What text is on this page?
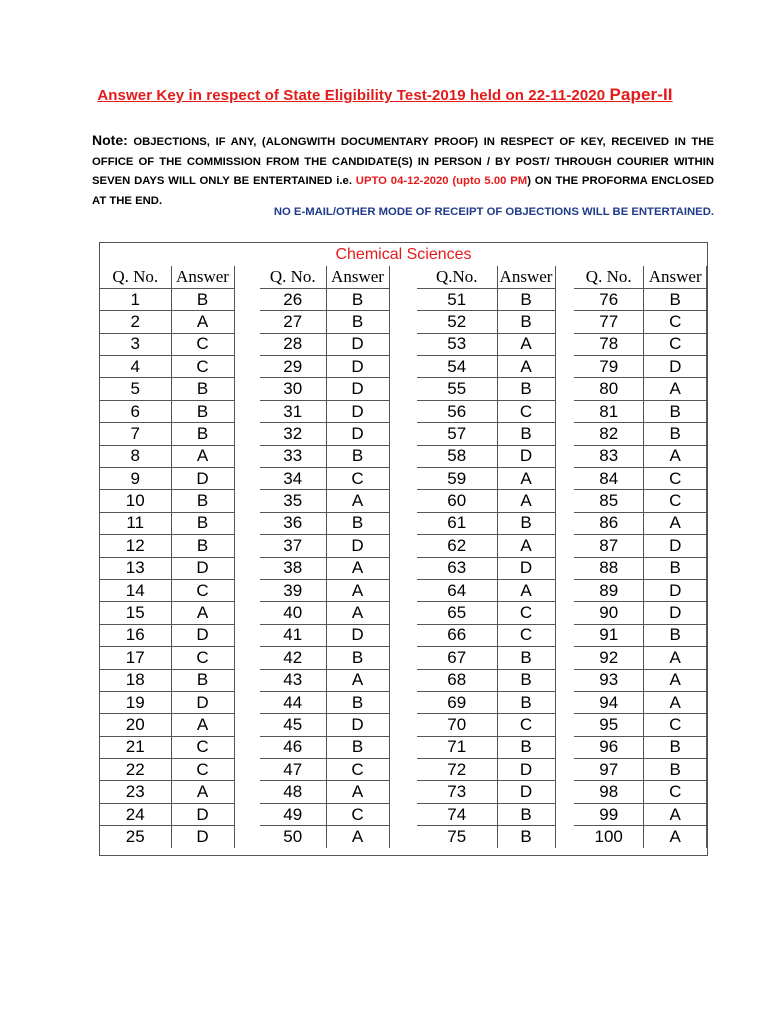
Answer Key in respect of State Eligibility Test-2019 held on 22-11-2020 Paper-II
Note: OBJECTIONS, IF ANY, (ALONGWITH DOCUMENTARY PROOF) IN RESPECT OF KEY, RECEIVED IN THE OFFICE OF THE COMMISSION FROM THE CANDIDATE(S) IN PERSON / BY POST/ THROUGH COURIER WITHIN SEVEN DAYS WILL ONLY BE ENTERTAINED i.e. UPTO 04-12-2020 (upto 5.00 PM) ON THE PROFORMA ENCLOSED AT THE END.
NO E-MAIL/OTHER MODE OF RECEIPT OF OBJECTIONS WILL BE ENTERTAINED.
Chemical Sciences
Q. No.	Answer
1	B
2	A
3	C
4	C
5	B
6	B
7	B
8	A
9	D
10	B
11	B
12	B
13	D
14	C
15	A
16	D
17	C
18	B
19	D
20	A
21	C
22	C
23	A
24	D
25	D
Q. No.	Answer
26	B
27	B
28	D
29	D
30	D
31	D
32	D
33	B
34	C
35	A
36	B
37	D
38	A
39	A
40	A
41	D
42	B
43	A
44	B
45	D
46	B
47	C
48	A
49	C
50	A
Q.No.	Answer
51	B
52	B
53	A
54	A
55	B
56	C
57	B
58	D
59	A
60	A
61	B
62	A
63	D
64	A
65	C
66	C
67	B
68	B
69	B
70	C
71	B
72	D
73	D
74	B
75	B
Q. No.	Answer
76	B
77	C
78	C
79	D
80	A
81	B
82	B
83	A
84	C
85	C
86	A
87	D
88	B
89	D
90	D
91	B
92	A
93	A
94	A
95	C
96	B
97	B
98	C
99	A
100	A
